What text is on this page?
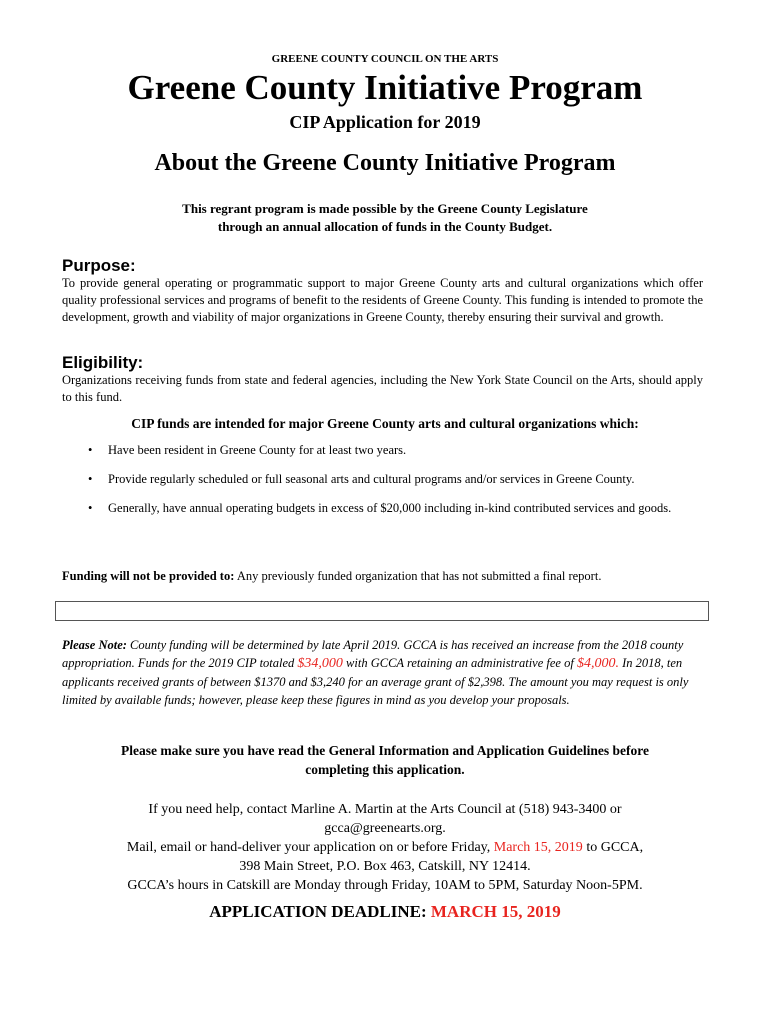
GREENE COUNTY COUNCIL ON THE ARTS
Greene County Initiative Program
CIP Application for 2019
About the Greene County Initiative Program
This regrant program is made possible by the Greene County Legislature
through an annual allocation of funds in the County Budget.
Purpose:
To provide general operating or programmatic support to major Greene County arts and cultural organizations which offer quality professional services and programs of benefit to the residents of Greene County. This funding is intended to promote the development, growth and viability of major organizations in Greene County, thereby ensuring their survival and growth.
Eligibility:
Organizations receiving funds from state and federal agencies, including the New York State Council on the Arts, should apply to this fund.
CIP funds are intended for major Greene County arts and cultural organizations which:
• Have been resident in Greene County for at least two years.
• Provide regularly scheduled or full seasonal arts and cultural programs and/or services in Greene County.
• Generally, have annual operating budgets in excess of $20,000 including in-kind contributed services and goods.
Funding will not be provided to: Any previously funded organization that has not submitted a final report.
Please Note: County funding will be determined by late April 2019. GCCA is has received an increase from the 2018 county appropriation. Funds for the 2019 CIP totaled $34,000 with GCCA retaining an administrative fee of $4,000. In 2018, ten applicants received grants of between $1370 and $3,240 for an average grant of $2,398. The amount you may request is only limited by available funds; however, please keep these figures in mind as you develop your proposals.
Please make sure you have read the General Information and Application Guidelines before
completing this application.
If you need help, contact Marline A. Martin at the Arts Council at (518) 943-3400 or
gcca@greenearts.org.
Mail, email or hand-deliver your application on or before Friday, March 15, 2019 to GCCA,
398 Main Street, P.O. Box 463, Catskill, NY 12414.
GCCA’s hours in Catskill are Monday through Friday, 10AM to 5PM, Saturday Noon-5PM.
APPLICATION DEADLINE: MARCH 15, 2019
